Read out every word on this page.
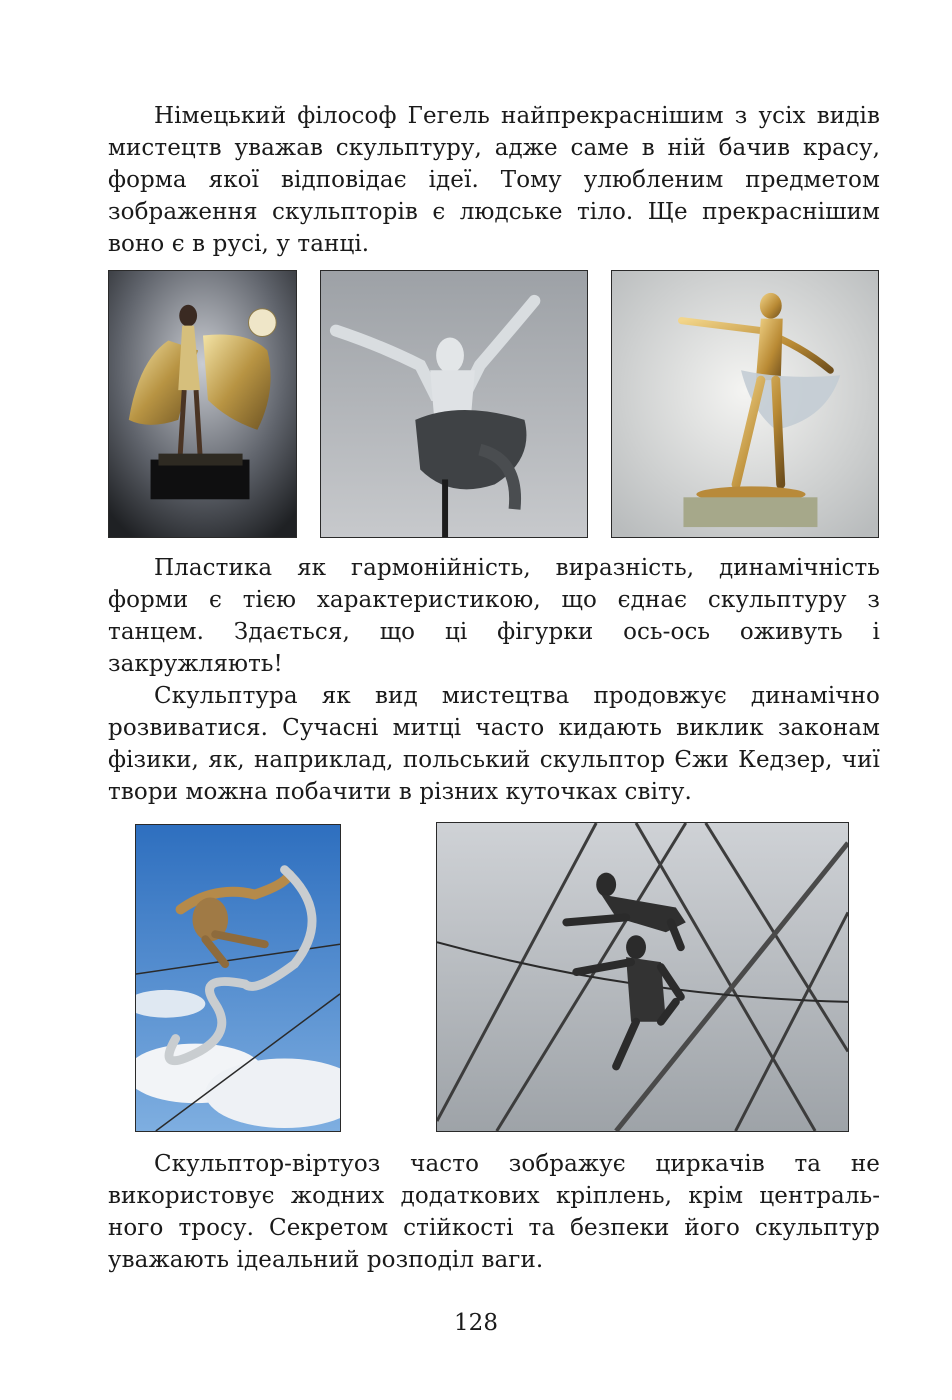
Німецький філософ Гегель найпрекраснішим з усіх видів мистецтв уважав скульптуру, адже саме в ній бачив красу, форма якої відповідає ідеї. Тому улюбленим предметом зображення скульпторів є людське тіло. Ще прекраснішим воно є в русі, у танці.

Пластика як гармонійність, виразність, динамічність форми є тією характеристикою, що єднає скульптуру з танцем. Здається, що ці фігурки ось-ось оживуть і закружляють!

Скульптура як вид мистецтва продовжує динамічно розвиватися. Сучасні митці часто кидають виклик законам фізики, як, наприклад, польський скульптор Єжи Кедзер, чиї твори можна побачити в різних куточках світу.

Скульптор-віртуоз часто зображує циркачів та не використовує жодних додаткових кріплень, крім центрального тросу. Секретом стійкості та безпеки його скульптур уважають ідеальний розподіл ваги.

128
